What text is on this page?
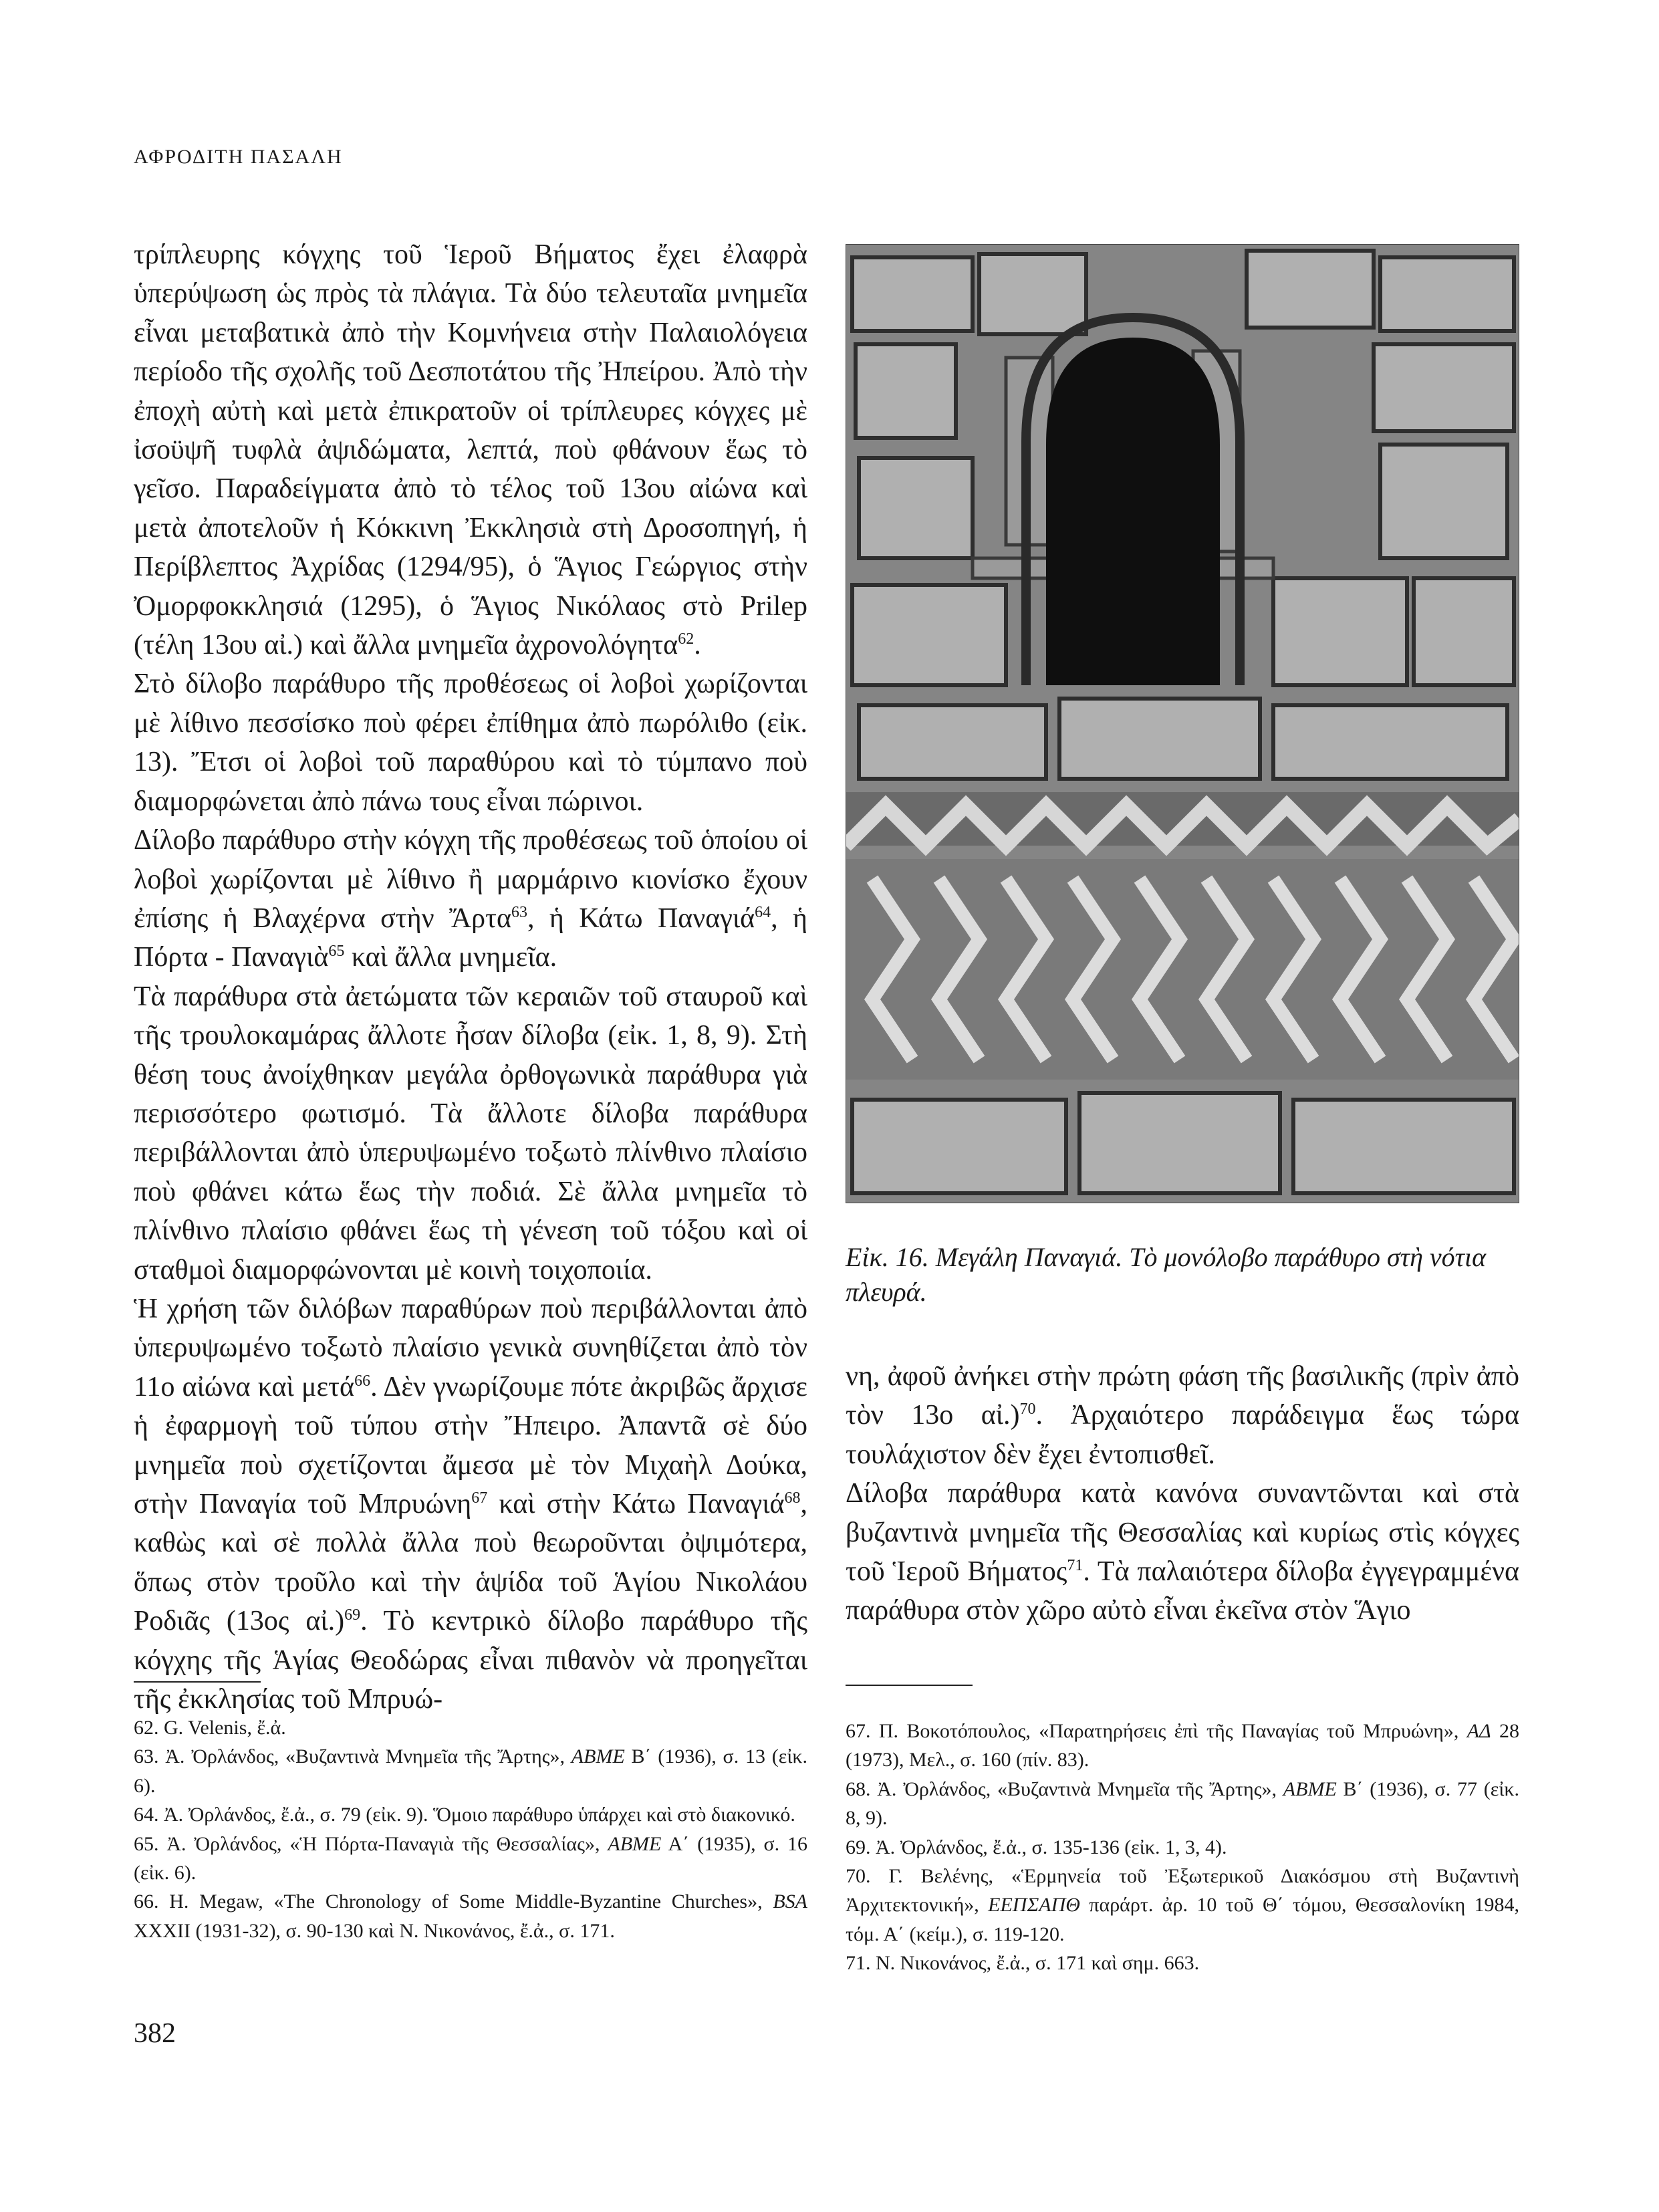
ΑΦΡΟΔΙΤΗ ΠΑΣΑΛΗ

τρίπλευρης κόγχης τοῦ Ἱεροῦ Βήματος ἔχει ἐλαφρὰ ὑπερύψωση ὡς πρὸς τὰ πλάγια. Τὰ δύο τελευταῖα μνημεῖα εἶναι μεταβατικὰ ἀπὸ τὴν Κομνήνεια στὴν Παλαιολόγεια περίοδο τῆς σχολῆς τοῦ Δεσποτάτου τῆς Ἠπείρου. Ἀπὸ τὴν ἐποχὴ αὐτὴ καὶ μετὰ ἐπικρατοῦν οἱ τρίπλευρες κόγχες μὲ ἰσοϋψῆ τυφλὰ ἀψιδώματα, λεπτά, ποὺ φθάνουν ἕως τὸ γεῖσο. Παραδείγματα ἀπὸ τὸ τέλος τοῦ 13ου αἰώνα καὶ μετὰ ἀποτελοῦν ἡ Κόκκινη Ἐκκλησιὰ στὴ Δροσοπηγή, ἡ Περίβλεπτος Ἀχρίδας (1294/95), ὁ Ἅγιος Γεώργιος στὴν Ὀμορφοκκλησιά (1295), ὁ Ἅγιος Νικόλαος στὸ Prilep (τέλη 13ου αἰ.) καὶ ἄλλα μνημεῖα ἀχρονολόγητα$^{62}$.

Στὸ δίλοβο παράθυρο τῆς προθέσεως οἱ λοβοὶ χωρίζονται μὲ λίθινο πεσσίσκο ποὺ φέρει ἐπίθημα ἀπὸ πωρόλιθο (εἰκ. 13). Ἔτσι οἱ λοβοὶ τοῦ παραθύρου καὶ τὸ τύμπανο ποὺ διαμορφώνεται ἀπὸ πάνω τους εἶναι πώρινοι.

Δίλοβο παράθυρο στὴν κόγχη τῆς προθέσεως τοῦ ὁποίου οἱ λοβοὶ χωρίζονται μὲ λίθινο ἢ μαρμάρινο κιονίσκο ἔχουν ἐπίσης ἡ Βλαχέρνα στὴν Ἄρτα$^{63}$, ἡ Κάτω Παναγιά$^{64}$, ἡ Πόρτα - Παναγιὰ$^{65}$ καὶ ἄλλα μνημεῖα.

Τὰ παράθυρα στὰ ἀετώματα τῶν κεραιῶν τοῦ σταυροῦ καὶ τῆς τρουλοκαμάρας ἄλλοτε ἦσαν δίλοβα (εἰκ. 1, 8, 9). Στὴ θέση τους ἀνοίχθηκαν μεγάλα ὀρθογωνικὰ παράθυρα γιὰ περισσότερο φωτισμό. Τὰ ἄλλοτε δίλοβα παράθυρα περιβάλλονται ἀπὸ ὑπερυψωμένο τοξωτὸ πλίνθινο πλαίσιο ποὺ φθάνει κάτω ἕως τὴν ποδιά. Σὲ ἄλλα μνημεῖα τὸ πλίνθινο πλαίσιο φθάνει ἕως τὴ γένεση τοῦ τόξου καὶ οἱ σταθμοὶ διαμορφώνονται μὲ κοινὴ τοιχοποιία.

Ἡ χρήση τῶν διλόβων παραθύρων ποὺ περιβάλλονται ἀπὸ ὑπερυψωμένο τοξωτὸ πλαίσιο γενικὰ συνηθίζεται ἀπὸ τὸν 11ο αἰώνα καὶ μετά$^{66}$. Δὲν γνωρίζουμε πότε ἀκριβῶς ἄρχισε ἡ ἐφαρμογὴ τοῦ τύπου στὴν Ἤπειρο. Ἀπαντᾶ σὲ δύο μνημεῖα ποὺ σχετίζονται ἄμεσα μὲ τὸν Μιχαὴλ Δούκα, στὴν Παναγία τοῦ Μπρυώνη$^{67}$ καὶ στὴν Κάτω Παναγιά$^{68}$, καθὼς καὶ σὲ πολλὰ ἄλλα ποὺ θεωροῦνται ὀψιμότερα, ὅπως στὸν τροῦλο καὶ τὴν ἁψίδα τοῦ Ἁγίου Νικολάου Ροδιᾶς (13ος αἰ.)$^{69}$. Τὸ κεντρικὸ δίλοβο παράθυρο τῆς κόγχης τῆς Ἁγίας Θεοδώρας εἶναι πιθανὸν νὰ προηγεῖται τῆς ἐκκλησίας τοῦ Μπρυώ-

Εἰκ. 16. Μεγάλη Παναγιά. Τὸ μονόλοβο παράθυρο στὴ νότια πλευρά.

νη, ἀφοῦ ἀνήκει στὴν πρώτη φάση τῆς βασιλικῆς (πρὶν ἀπὸ τὸν 13ο αἰ.)$^{70}$. Ἀρχαιότερο παράδειγμα ἕως τώρα τουλάχιστον δὲν ἔχει ἐντοπισθεῖ.

Δίλοβα παράθυρα κατὰ κανόνα συναντῶνται καὶ στὰ βυζαντινὰ μνημεῖα τῆς Θεσσαλίας καὶ κυρίως στὶς κόγχες τοῦ Ἱεροῦ Βήματος$^{71}$. Τὰ παλαιότερα δίλοβα ἐγγεγραμμένα παράθυρα στὸν χῶρο αὐτὸ εἶναι ἐκεῖνα στὸν Ἅγιο

62. G. Velenis, ἔ.ἀ.

63. Ἀ. Ὀρλάνδος, «Βυζαντινὰ Μνημεῖα τῆς Ἄρτης», ΑΒΜΕ Β΄ (1936), σ. 13 (εἰκ. 6).

64. Ἀ. Ὀρλάνδος, ἔ.ἀ., σ. 79 (εἰκ. 9). Ὅμοιο παράθυρο ὑπάρχει καὶ στὸ διακονικό.

65. Ἀ. Ὀρλάνδος, «Ἡ Πόρτα-Παναγιὰ τῆς Θεσσαλίας», ΑΒΜΕ Α΄ (1935), σ. 16 (εἰκ. 6).

66. H. Megaw, «The Chronology of Some Middle-Byzantine Churches», BSA XXXII (1931-32), σ. 90-130 καὶ Ν. Νικονάνος, ἔ.ἀ., σ. 171.

67. Π. Βοκοτόπουλος, «Παρατηρήσεις ἐπὶ τῆς Παναγίας τοῦ Μπρυώνη», ΑΔ 28 (1973), Μελ., σ. 160 (πίν. 83).

68. Ἀ. Ὀρλάνδος, «Βυζαντινὰ Μνημεῖα τῆς Ἄρτης», ΑΒΜΕ Β΄ (1936), σ. 77 (εἰκ. 8, 9).

69. Ἀ. Ὀρλάνδος, ἔ.ἀ., σ. 135-136 (εἰκ. 1, 3, 4).

70. Γ. Βελένης, «Ἑρμηνεία τοῦ Ἐξωτερικοῦ Διακόσμου στὴ Βυζαντινὴ Ἀρχιτεκτονική», ΕΕΠΣΑΠΘ παράρτ. ἀρ. 10 τοῦ Θ΄ τόμου, Θεσσαλονίκη 1984, τόμ. Α΄ (κείμ.), σ. 119-120.

71. Ν. Νικονάνος, ἔ.ἀ., σ. 171 καὶ σημ. 663.

382
